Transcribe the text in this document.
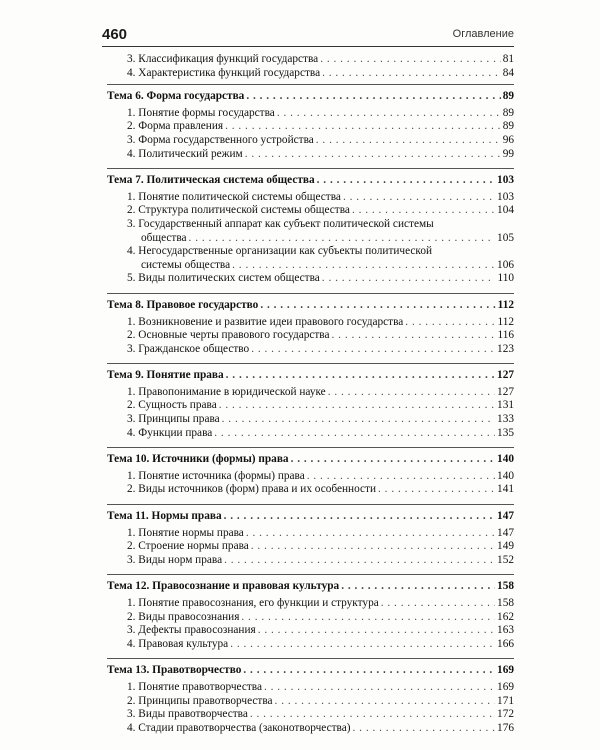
460	Оглавление
3. Классификация функций государства . . .	81
4. Характеристика функций государства . . .	84
Тема 6. Форма государства . . .	89
1. Понятие формы государства . . .	89
2. Форма правления . . .	89
3. Форма государственного устройства . . .	96
4. Политический режим . . .	99
Тема 7. Политическая система общества . . .	103
1. Понятие политической системы общества . . .	103
2. Структура политической системы общества . . .	104
3. Государственный аппарат как субъект политической системы
общества . . .	105
4. Негосударственные организации как субъекты политической
системы общества . . .	106
5. Виды политических систем общества . . .	110
Тема 8. Правовое государство . . .	112
1. Возникновение и развитие идеи правового государства . . .	112
2. Основные черты правового государства . . .	116
3. Гражданское общество . . .	123
Тема 9. Понятие права . . .	127
1. Правопонимание в юридической науке . . .	127
2. Сущность права . . .	131
3. Принципы права . . .	133
4. Функции права . . .	135
Тема 10. Источники (формы) права . . .	140
1. Понятие источника (формы) права . . .	140
2. Виды источников (форм) права и их особенности . . .	141
Тема 11. Нормы права . . .	147
1. Понятие нормы права . . .	147
2. Строение нормы права . . .	149
3. Виды норм права . . .	152
Тема 12. Правосознание и правовая культура . . .	158
1. Понятие правосознания, его функции и структура . . .	158
2. Виды правосознания . . .	162
3. Дефекты правосознания . . .	163
4. Правовая культура . . .	166
Тема 13. Правотворчество . . .	169
1. Понятие правотворчества . . .	169
2. Принципы правотворчества . . .	171
3. Виды правотворчества . . .	172
4. Стадии правотворчества (законотворчества) . . .	176
